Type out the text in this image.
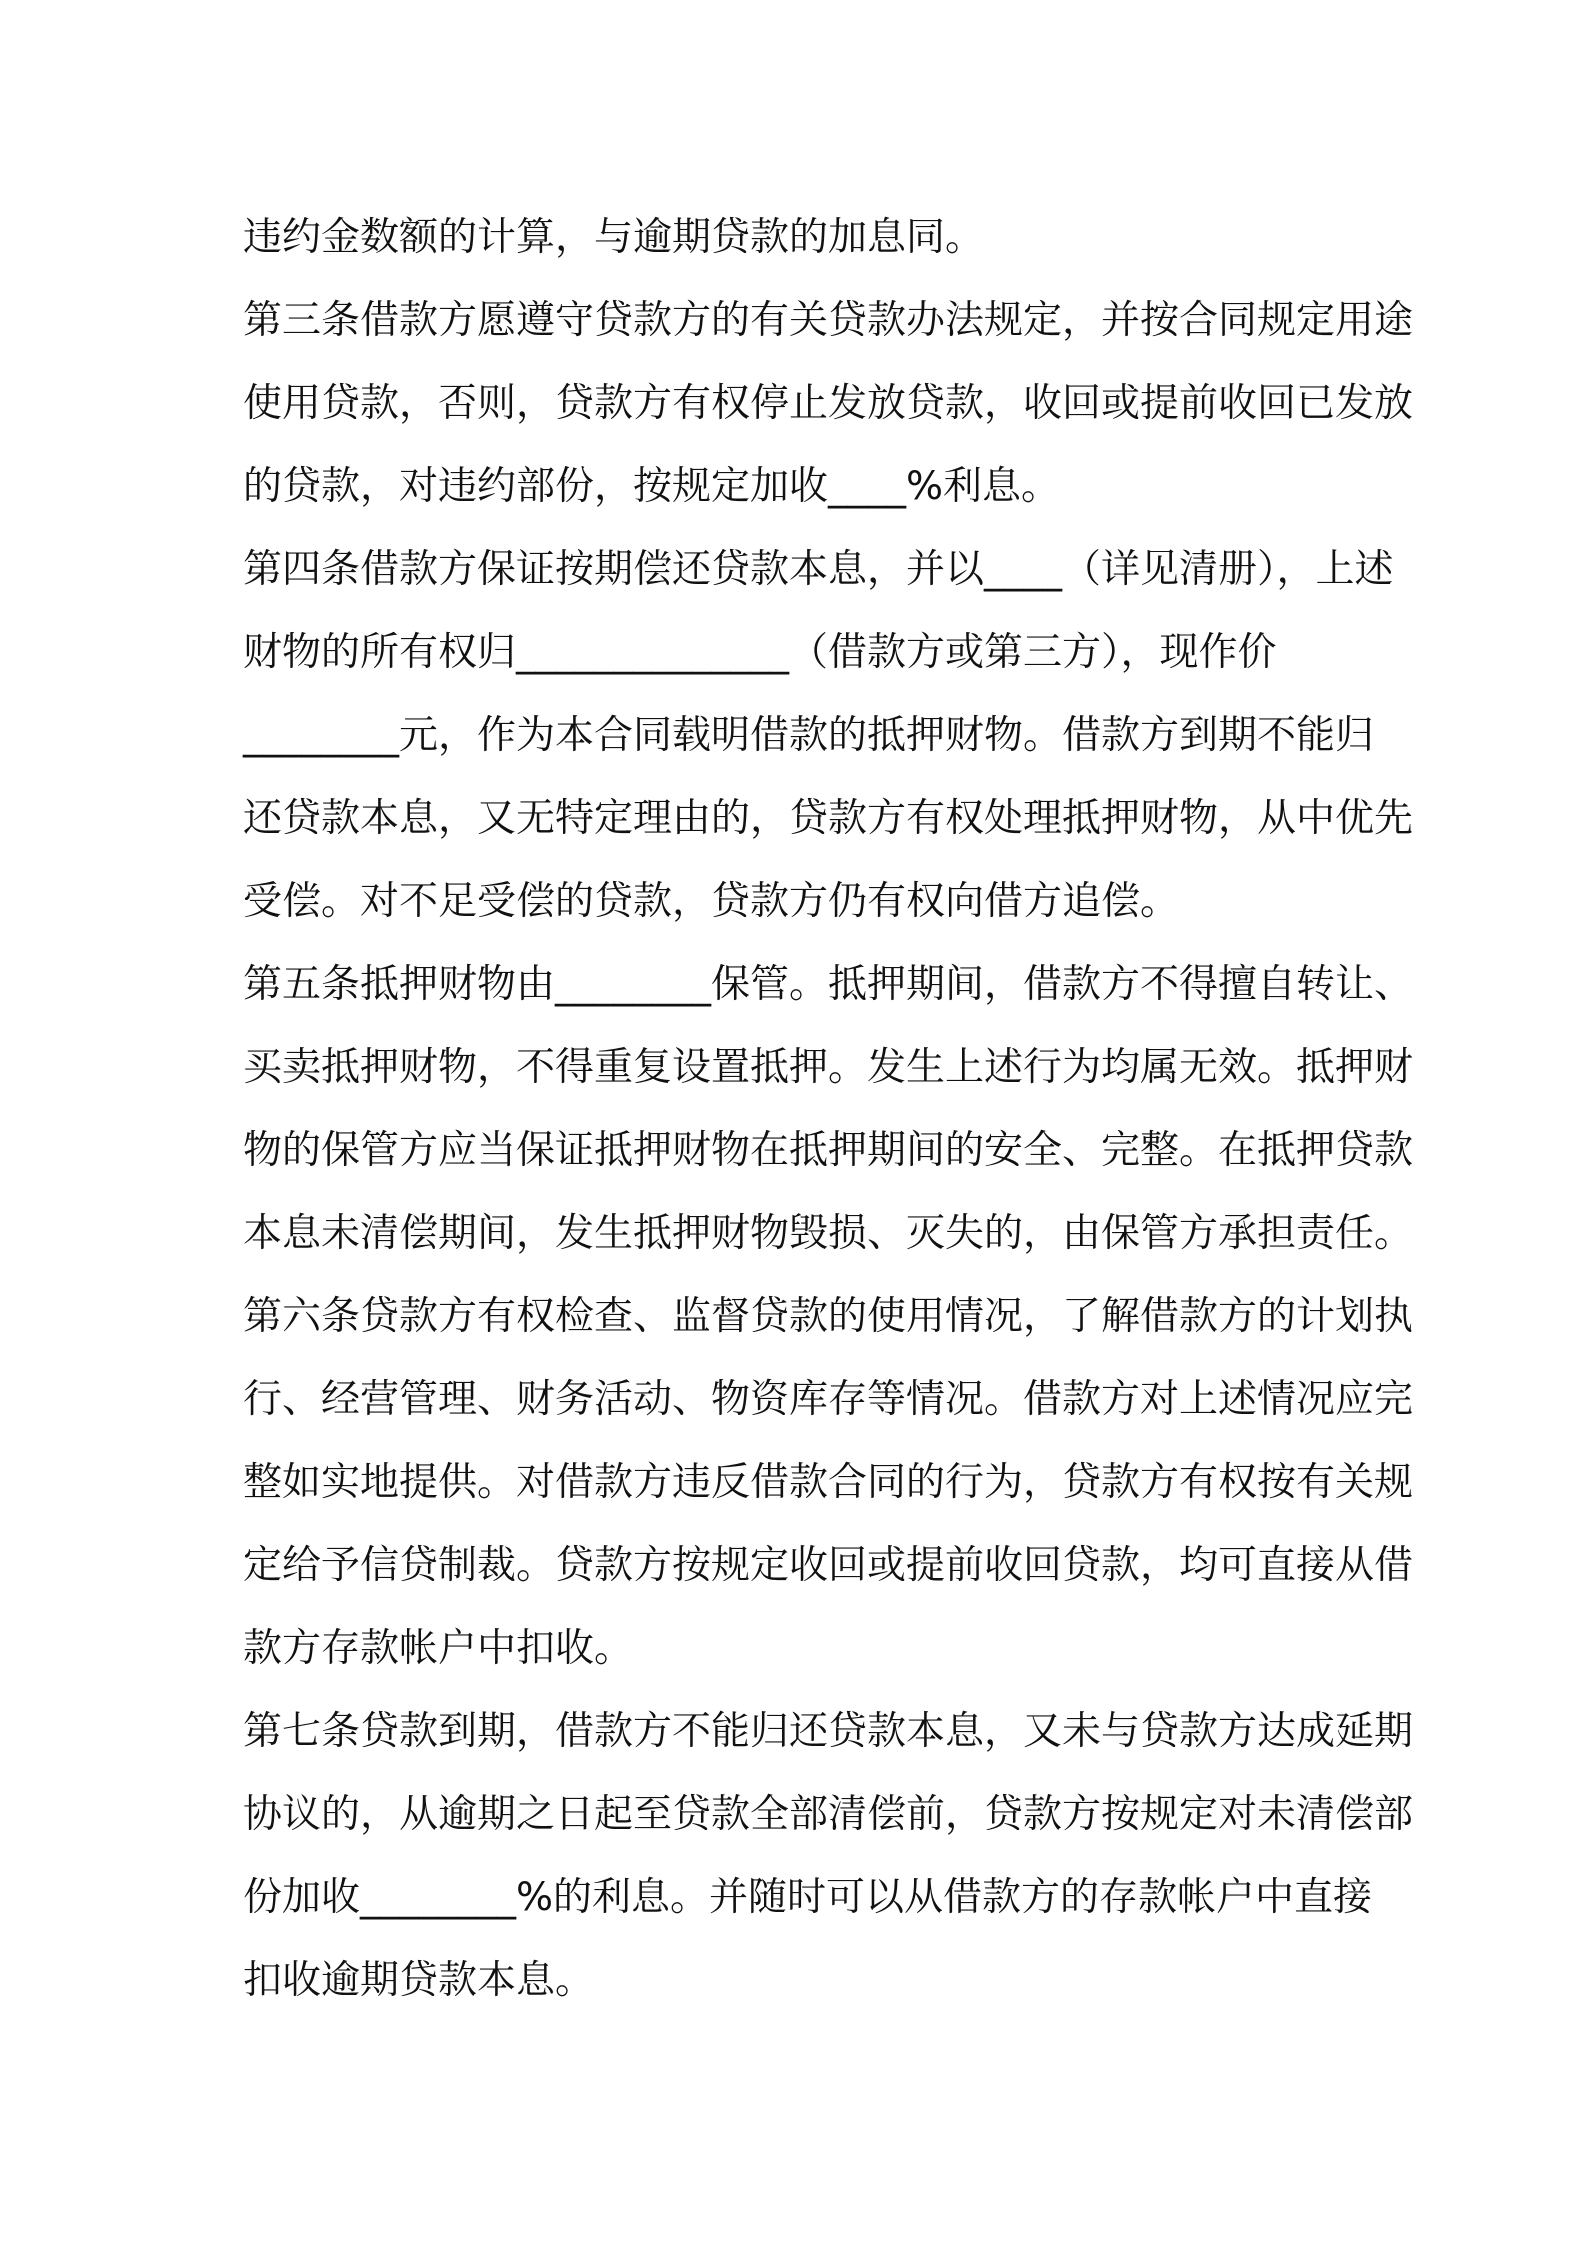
违约金数额的计算，与逾期贷款的加息同。
第三条借款方愿遵守贷款方的有关贷款办法规定，并按合同规定用途
使用贷款，否则，贷款方有权停止发放贷款，收回或提前收回已发放
的贷款，对违约部份，按规定加收____%利息。
第四条借款方保证按期偿还贷款本息，并以____（详见清册），上述
财物的所有权归______________（借款方或第三方），现作价
________元，作为本合同载明借款的抵押财物。借款方到期不能归
还贷款本息，又无特定理由的，贷款方有权处理抵押财物，从中优先
受偿。对不足受偿的贷款，贷款方仍有权向借方追偿。
第五条抵押财物由________保管。抵押期间，借款方不得擅自转让、
买卖抵押财物，不得重复设置抵押。发生上述行为均属无效。抵押财
物的保管方应当保证抵押财物在抵押期间的安全、完整。在抵押贷款
本息未清偿期间，发生抵押财物毁损、灭失的，由保管方承担责任。
第六条贷款方有权检查、监督贷款的使用情况，了解借款方的计划执
行、经营管理、财务活动、物资库存等情况。借款方对上述情况应完
整如实地提供。对借款方违反借款合同的行为，贷款方有权按有关规
定给予信贷制裁。贷款方按规定收回或提前收回贷款，均可直接从借
款方存款帐户中扣收。
第七条贷款到期，借款方不能归还贷款本息，又未与贷款方达成延期
协议的，从逾期之日起至贷款全部清偿前，贷款方按规定对未清偿部
份加收________%的利息。并随时可以从借款方的存款帐户中直接
扣收逾期贷款本息。
